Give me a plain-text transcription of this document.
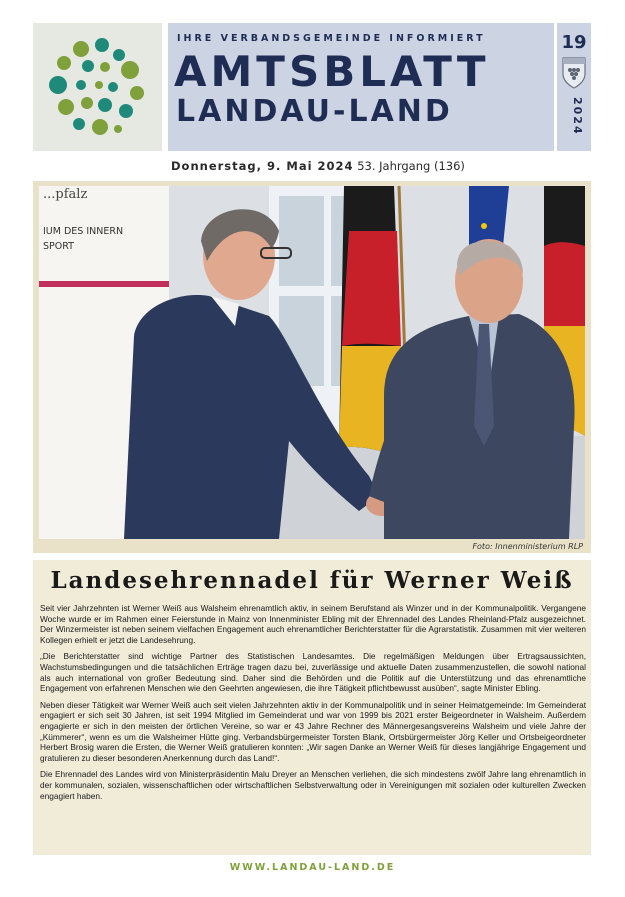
IHRE VERBANDSGEMEINDE INFORMIERT
AMTSBLATT
LANDAU-LAND
19
2024
Donnerstag, 9. Mai 2024 53. Jahrgang (136)
...pfalz
IUM DES INNERN
SPORT
Foto: Innenministerium RLP
Landesehrennadel für Werner Weiß

Seit vier Jahrzehnten ist Werner Weiß aus Walsheim ehrenamtlich aktiv, in seinem Berufstand als Winzer und in der Kommunalpolitik. Vergangene Woche wurde er im Rahmen einer Feierstunde in Mainz von Innenminister Ebling mit der Ehrennadel des Landes Rheinland-Pfalz ausgezeichnet. Der Winzermeister ist neben seinem vielfachen Engagement auch ehrenamtlicher Berichterstatter für die Agrarstatistik. Zusammen mit vier weiteren Kollegen erhielt er jetzt die Landesehrung.

„Die Berichterstatter sind wichtige Partner des Statistischen Landesamtes. Die regelmäßigen Meldungen über Ertragsaussichten, Wachstumsbedingungen und die tatsächlichen Erträge tragen dazu bei, zuverlässige und aktuelle Daten zusammenzustellen, die sowohl national als auch international von großer Bedeutung sind. Daher sind die Behörden und die Politik auf die Unterstützung und das ehrenamtliche Engagement von erfahrenen Menschen wie den Geehrten angewiesen, die ihre Tätigkeit pflichtbewusst ausüben“, sagte Minister Ebling.

Neben dieser Tätigkeit war Werner Weiß auch seit vielen Jahrzehnten aktiv in der Kommunalpolitik und in seiner Heimatgemeinde: Im Gemeinderat engagiert er sich seit 30 Jahren, ist seit 1994 Mitglied im Gemeinderat und war von 1999 bis 2021 erster Beigeordneter in Walsheim. Außerdem engagierte er sich in den meisten der örtlichen Vereine, so war er 43 Jahre Rechner des Männergesangsvereins Walsheim und viele Jahre der „Kümmerer“, wenn es um die Walsheimer Hütte ging. Verbandsbürgermeister Torsten Blank, Ortsbürgermeister Jörg Keller und Ortsbeigeordneter Herbert Brosig waren die Ersten, die Werner Weiß gratulieren konnten: „Wir sagen Danke an Werner Weiß für dieses langjährige Engagement und gratulieren zu dieser besonderen Anerkennung durch das Land!“.

Die Ehrennadel des Landes wird von Ministerpräsidentin Malu Dreyer an Menschen verliehen, die sich mindestens zwölf Jahre lang ehrenamtlich in der kommunalen, sozialen, wissenschaftlichen oder wirtschaftlichen Selbstverwaltung oder in Vereinigungen mit sozialen oder kulturellen Zwecken engagiert haben.

WWW.LANDAU-LAND.DE
